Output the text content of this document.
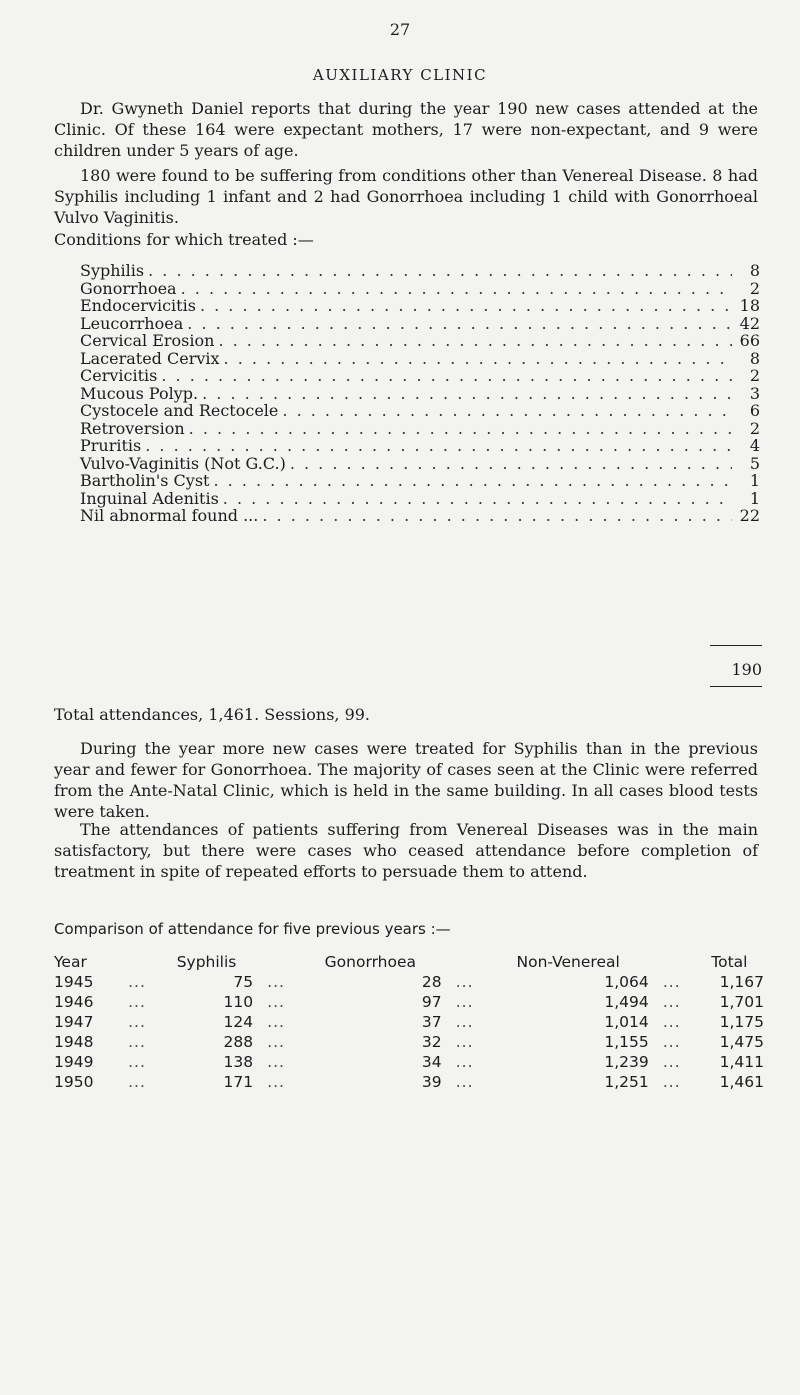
27
AUXILIARY CLINIC

Dr. Gwyneth Daniel reports that during the year 190 new cases attended at the Clinic. Of these 164 were expectant mothers, 17 were non-expectant, and 9 were children under 5 years of age.

180 were found to be suffering from conditions other than Venereal Disease. 8 had Syphilis including 1 infant and 2 had Gonorrhoea including 1 child with Gonorrhoeal Vulvo Vaginitis.

Conditions for which treated :—
Syphilis . . .	8
Gonorrhoea . . .	2
Endocervicitis . . .	18
Leucorrhoea . . .	42
Cervical Erosion . . .	66
Lacerated Cervix . . .	8
Cervicitis . . .	2
Mucous Polyp. . . .	3
Cystocele and Rectocele . . .	6
Retroversion . . .	2
Pruritis . . .	4
Vulvo-Vaginitis (Not G.C.) . . .	5
Bartholin's Cyst . . .	1
Inguinal Adenitis . . .	1
Nil abnormal found ... . . .	22
190
Total attendances, 1,461. Sessions, 99.

During the year more new cases were treated for Syphilis than in the previous year and fewer for Gonorrhoea. The majority of cases seen at the Clinic were referred from the Ante-Natal Clinic, which is held in the same building. In all cases blood tests were taken.

The attendances of patients suffering from Venereal Diseases was in the main satisfactory, but there were cases who ceased attendance before completion of treatment in spite of repeated efforts to persuade them to attend.

Comparison of attendance for five previous years :—
Year		Syphilis		Gonorrhoea		Non-Venereal		Total
1945	...	75	...	28	...	1,064	...	1,167
1946	...	110	...	97	...	1,494	...	1,701
1947	...	124	...	37	...	1,014	...	1,175
1948	...	288	...	32	...	1,155	...	1,475
1949	...	138	...	34	...	1,239	...	1,411
1950	...	171	...	39	...	1,251	...	1,461
